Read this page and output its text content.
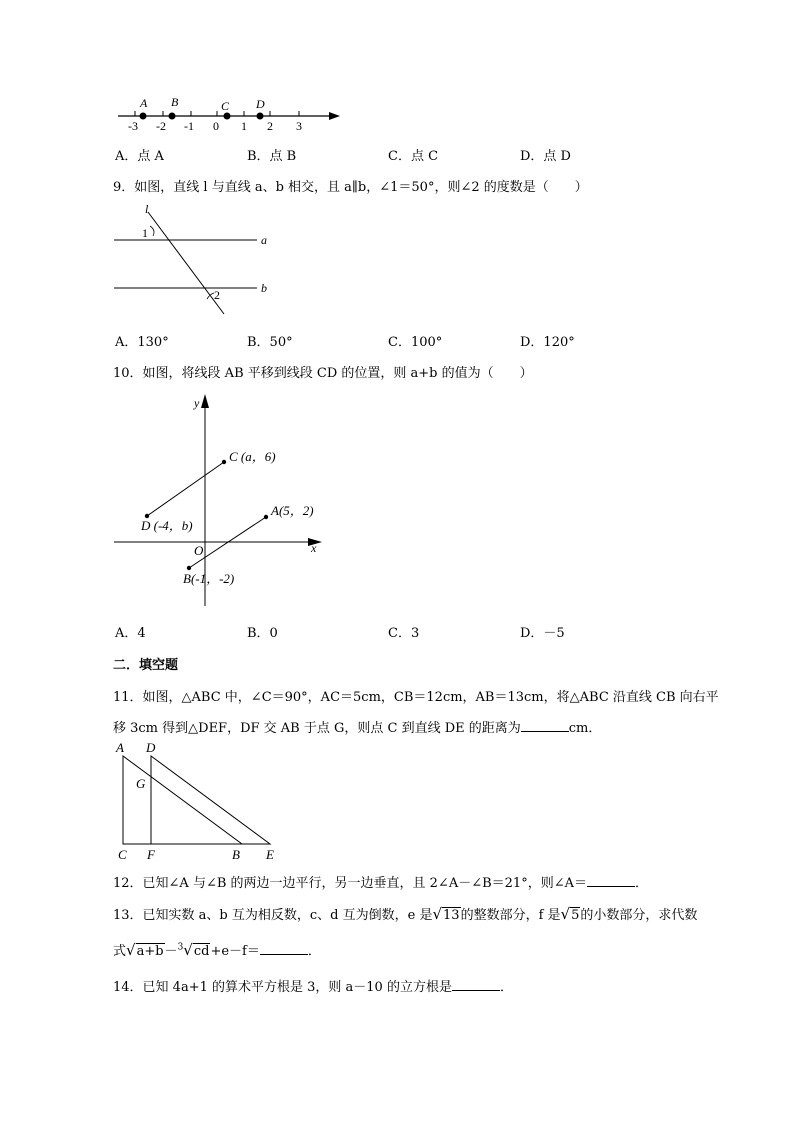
A B	C D
-3 -2 -1 0 1 2 3
A．点 A	B．点 B	C．点 C	D．点 D
9．如图，直线 l 与直线 a、b 相交，且 a∥b，∠1＝50°，则∠2 的度数是（　　）
l
1	a
b
2
A．130°	B．50°	C．100°	D．120°
10．如图，将线段 AB 平移到线段 CD 的位置，则 a+b 的值为（　　）
y
x
O
C (a，6)
D (-4，b)
A(5，2)
B(-1，-2)
A．4	B．0	C．3	D．－5
二．填空题
11．如图，△ABC 中，∠C＝90°，AC＝5cm，CB＝12cm，AB＝13cm，将△ABC 沿直线 CB 向右平
移 3cm 得到△DEF，DF 交 AB 于点 G，则点 C 到直线 DE 的距离为	cm．
A D
G
C F	B E
12．已知∠A 与∠B 的两边一边平行，另一边垂直，且 2∠A－∠B＝21°，则∠A＝	．
13．已知实数 a、b 互为相反数，c、d 互为倒数，e 是√13的整数部分，f 是√5的小数部分，求代数
式√a+b－$^3$√cd+e－f＝	．
14．已知 4a+1 的算术平方根是 3，则 a－10 的立方根是	．
